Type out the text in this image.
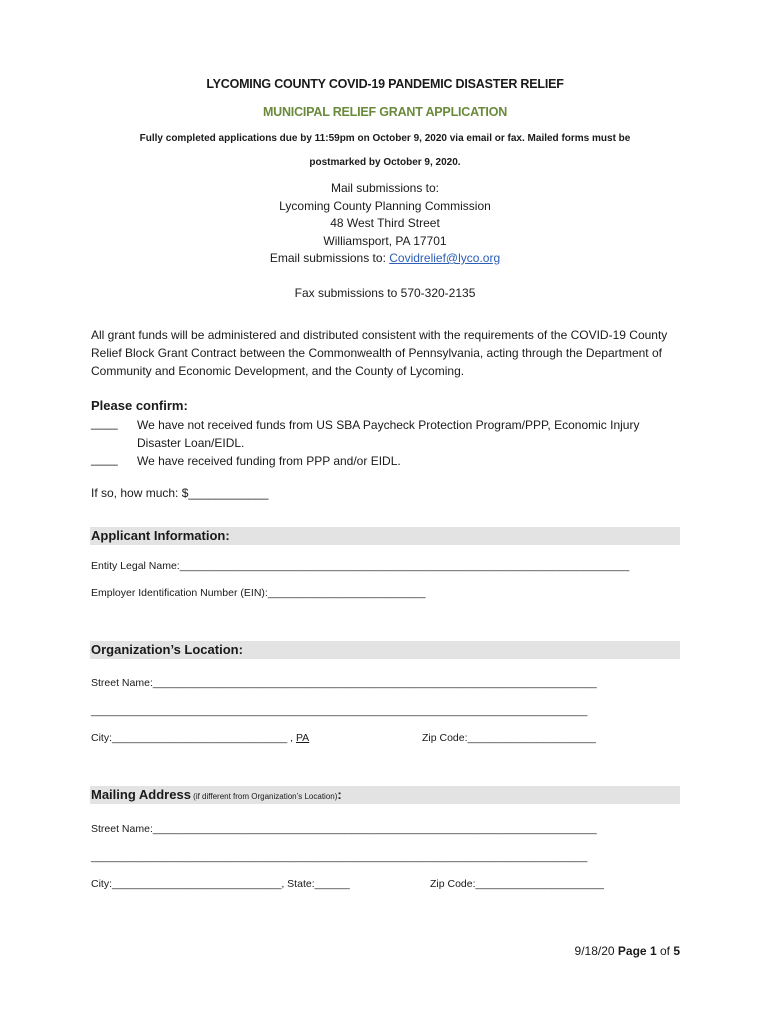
LYCOMING COUNTY COVID-19 PANDEMIC DISASTER RELIEF
MUNICIPAL RELIEF GRANT APPLICATION
Fully completed applications due by 11:59pm on October 9, 2020 via email or fax. Mailed forms must be
postmarked by October 9, 2020.
Mail submissions to:
Lycoming County Planning Commission
48 West Third Street
Williamsport, PA 17701
Email submissions to: Covidrelief@lyco.org
Fax submissions to 570-320-2135
All grant funds will be administered and distributed consistent with the requirements of the COVID-19 County Relief Block Grant Contract between the Commonwealth of Pennsylvania, acting through the Department of Community and Economic Development, and the County of Lycoming.
Please confirm:
____ We have not received funds from US SBA Paycheck Protection Program/PPP, Economic Injury Disaster Loan/EIDL.
____ We have received funding from PPP and/or EIDL.
If so, how much: $____________
Applicant Information:
Entity Legal Name:_____________________________________________________________________________
Employer Identification Number (EIN):___________________________
Organization’s Location:
Street Name:____________________________________________________________________________
_____________________________________________________________________________________
City:______________________________ , PA	Zip Code:______________________
Mailing Address (if different from Organization’s Location):
Street Name:____________________________________________________________________________
_____________________________________________________________________________________
City:_____________________________, State:______	Zip Code:______________________
9/18/20 Page 1 of 5
